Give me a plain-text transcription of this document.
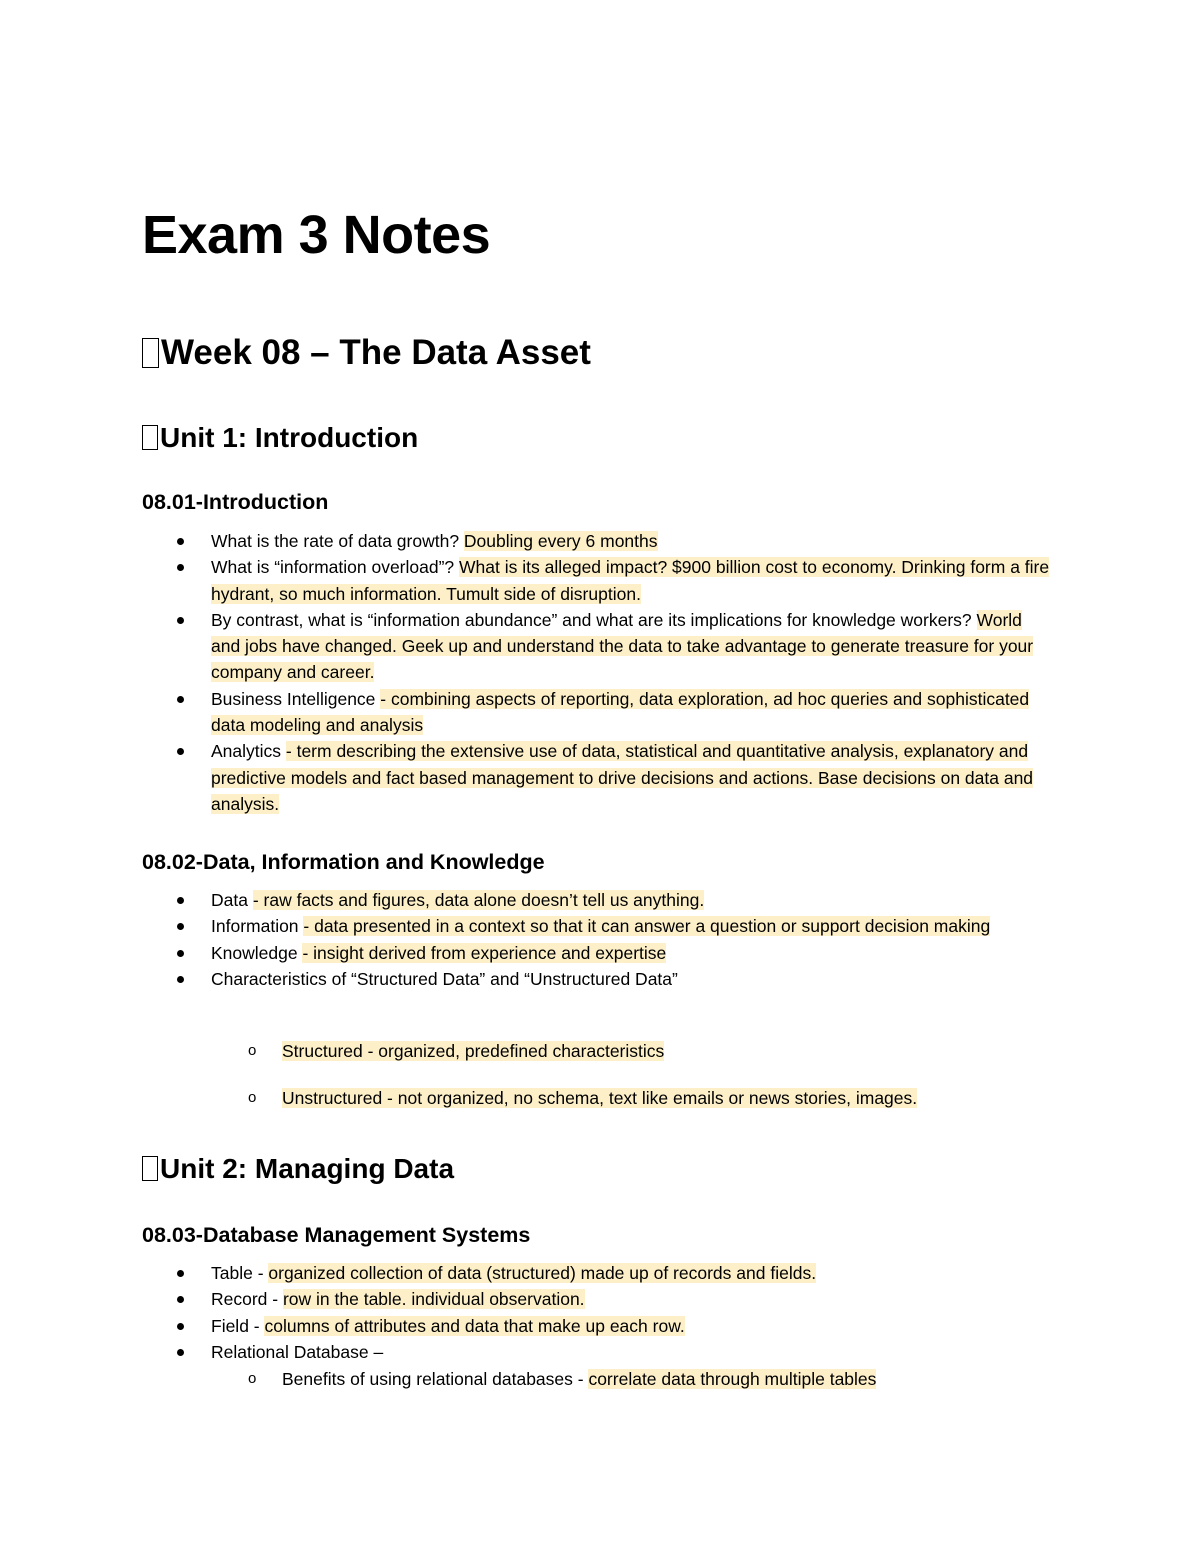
Exam 3 Notes
Week 08 – The Data Asset
Unit 1: Introduction
08.01-Introduction
What is the rate of data growth? Doubling every 6 months
What is “information overload”? What is its alleged impact? $900 billion cost to economy. Drinking form a fire hydrant, so much information. Tumult side of disruption.
By contrast, what is “information abundance” and what are its implications for knowledge workers? World and jobs have changed. Geek up and understand the data to take advantage to generate treasure for your company and career.
Business Intelligence - combining aspects of reporting, data exploration, ad hoc queries and sophisticated data modeling and analysis
Analytics - term describing the extensive use of data, statistical and quantitative analysis, explanatory and predictive models and fact based management to drive decisions and actions. Base decisions on data and analysis.
08.02-Data, Information and Knowledge
Data - raw facts and figures, data alone doesn’t tell us anything.
Information - data presented in a context so that it can answer a question or support decision making
Knowledge - insight derived from experience and expertise
Characteristics of “Structured Data” and “Unstructured Data”
o Structured - organized, predefined characteristics
o Unstructured - not organized, no schema, text like emails or news stories, images.
Unit 2: Managing Data
08.03-Database Management Systems
Table - organized collection of data (structured) made up of records and fields.
Record - row in the table. individual observation.
Field - columns of attributes and data that make up each row.
Relational Database –
o Benefits of using relational databases - correlate data through multiple tables
